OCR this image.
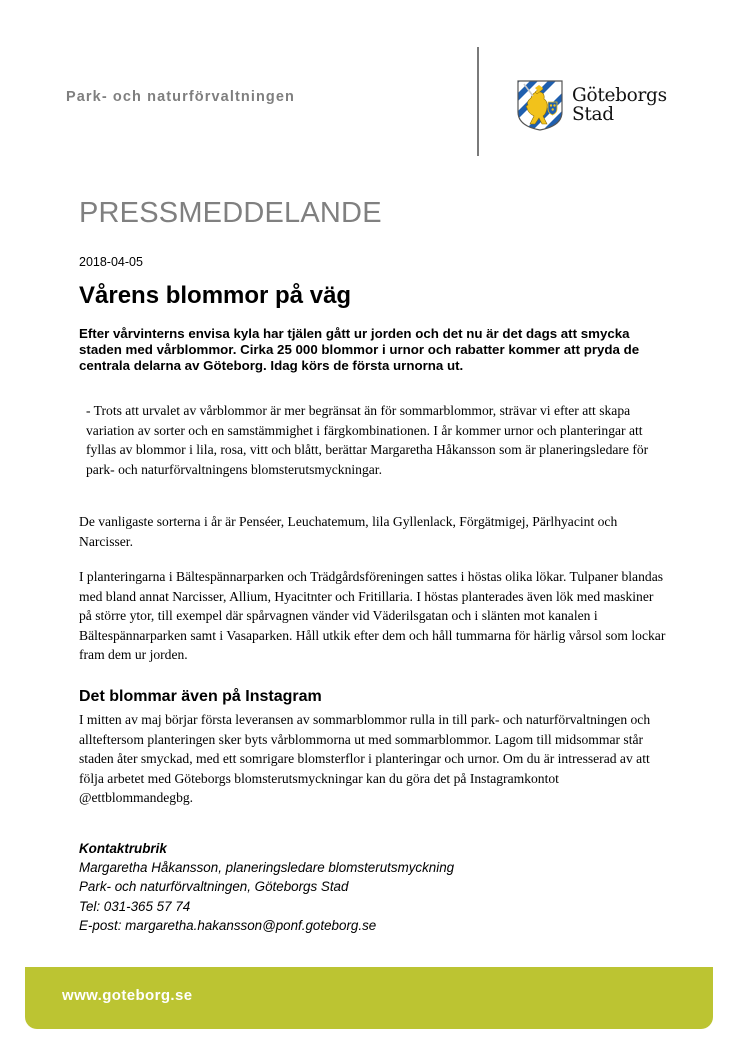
Park- och naturförvaltningen	Göteborgs
Stad
PRESSMEDDELANDE
2018-04-05
Vårens blommor på väg

Efter vårvinterns envisa kyla har tjälen gått ur jorden och det nu är det dags att smycka staden med vårblommor. Cirka 25 000 blommor i urnor och rabatter kommer att pryda de centrala delarna av Göteborg. Idag körs de första urnorna ut.

- Trots att urvalet av vårblommor är mer begränsat än för sommarblommor, strävar vi efter att skapa variation av sorter och en samstämmighet i färgkombinationen. I år kommer urnor och planteringar att fyllas av blommor i lila, rosa, vitt och blått, berättar Margaretha Håkansson som är planeringsledare för park- och naturförvaltningens blomsterutsmyckningar.

De vanligaste sorterna i år är Penséer, Leuchatemum, lila Gyllenlack, Förgätmigej, Pärlhyacint och Narcisser.

I planteringarna i Bältespännarparken och Trädgårdsföreningen sattes i höstas olika lökar. Tulpaner blandas med bland annat Narcisser, Allium, Hyacitnter och Fritillaria. I höstas planterades även lök med maskiner på större ytor, till exempel där spårvagnen vänder vid Väderilsgatan och i slänten mot kanalen i Bältespännarparken samt i Vasaparken. Håll utkik efter dem och håll tummarna för härlig vårsol som lockar fram dem ur jorden.

Det blommar även på Instagram

I mitten av maj börjar första leveransen av sommarblommor rulla in till park- och naturförvaltningen och allteftersom planteringen sker byts vårblommorna ut med sommarblommor. Lagom till midsommar står staden åter smyckad, med ett somrigare blomsterflor i planteringar och urnor. Om du är intresserad av att följa arbetet med Göteborgs blomsterutsmyckningar kan du göra det på Instagramkontot @ettblommandegbg.

Kontaktrubrik
Margaretha Håkansson, planeringsledare blomsterutsmyckning
Park- och naturförvaltningen, Göteborgs Stad
Tel: 031-365 57 74
E-post: margaretha.hakansson@ponf.goteborg.se
www.goteborg.se
